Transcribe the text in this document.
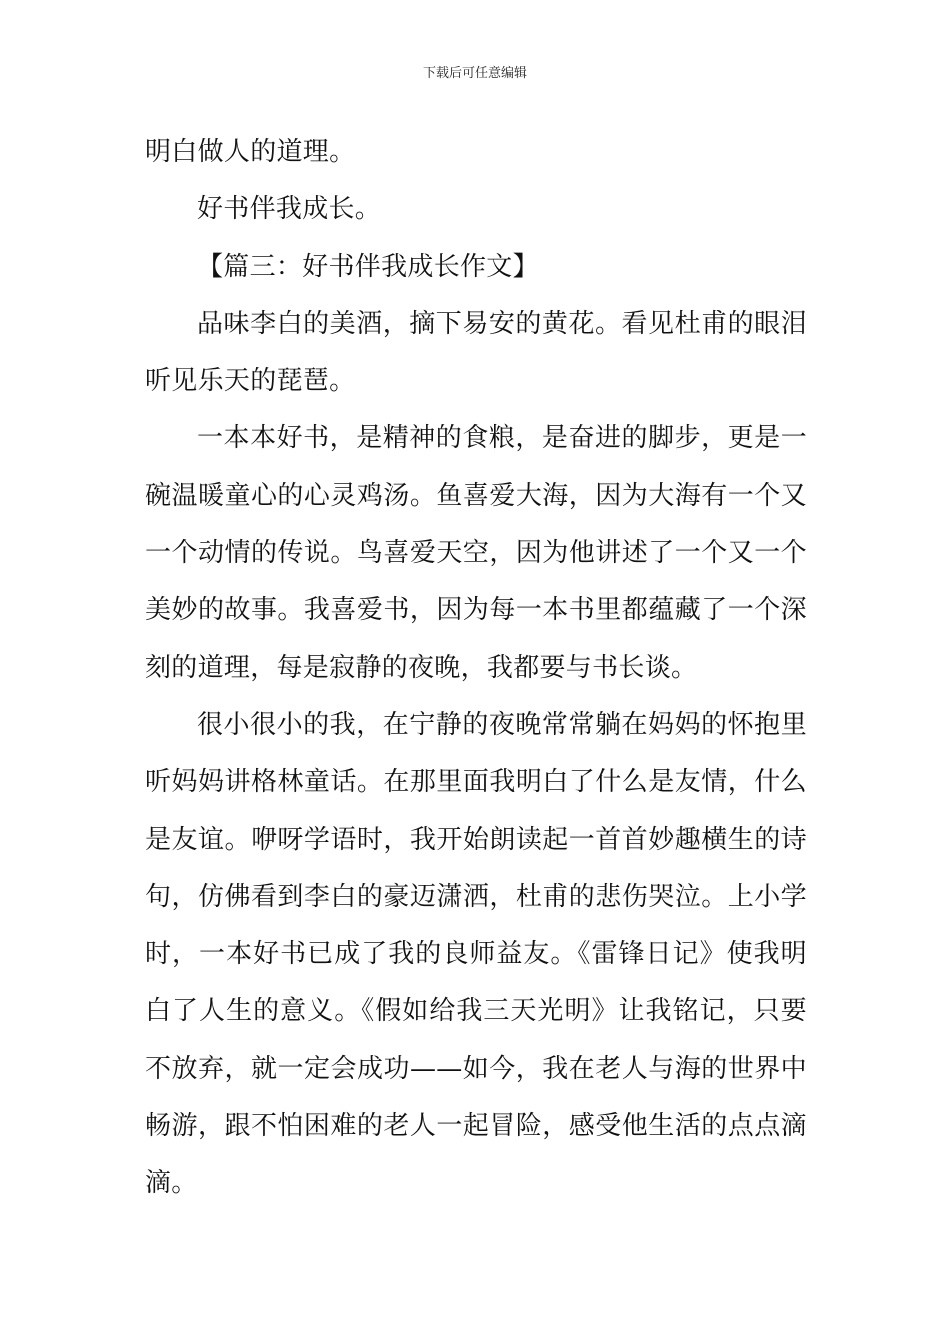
下载后可任意编辑

明白做人的道理。

好书伴我成长。

【篇三：好书伴我成长作文】

品味李白的美酒，摘下易安的黄花。看见杜甫的眼泪听见乐天的琵琶。

一本本好书，是精神的食粮，是奋进的脚步，更是一碗温暖童心的心灵鸡汤。鱼喜爱大海，因为大海有一个又一个动情的传说。鸟喜爱天空，因为他讲述了一个又一个美妙的故事。我喜爱书，因为每一本书里都蕴藏了一个深刻的道理，每是寂静的夜晚，我都要与书长谈。

很小很小的我，在宁静的夜晚常常躺在妈妈的怀抱里听妈妈讲格林童话。在那里面我明白了什么是友情，什么是友谊。咿呀学语时，我开始朗读起一首首妙趣横生的诗句，仿佛看到李白的豪迈潇洒，杜甫的悲伤哭泣。上小学时，一本好书已成了我的良师益友。《雷锋日记》使我明白了人生的意义。《假如给我三天光明》让我铭记，只要不放弃，就一定会成功——如今，我在老人与海的世界中畅游，跟不怕困难的老人一起冒险，感受他生活的点点滴滴。
